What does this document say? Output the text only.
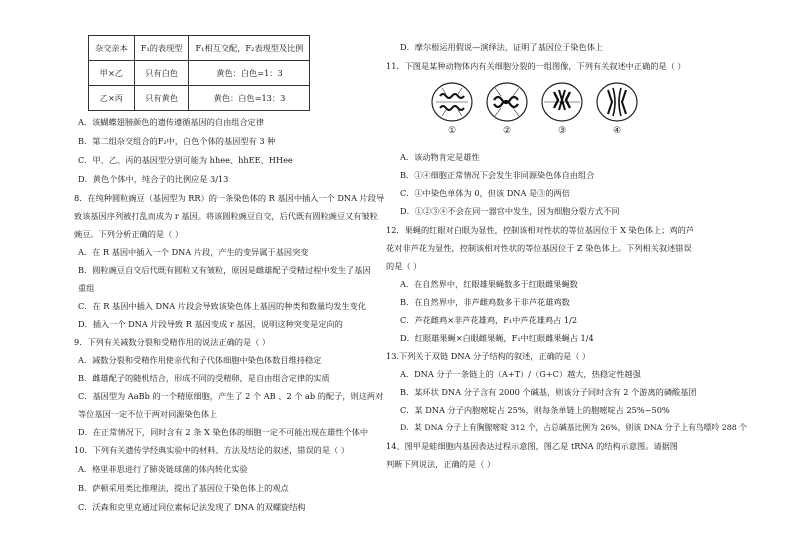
杂交亲本	F₁的表现型	F₁相互交配，F₂表现型及比例
甲×乙	只有白色	黄色：白色=1：3
乙×丙	只有黄色	黄色：白色=13：3
A．该蝴蝶翅膀颜色的遗传遵循基因的自由组合定律
B．第二组杂交组合的F₂中，白色个体的基因型有 3 种
C．甲、乙、丙的基因型分别可能为 hhee、hhEE、HHee
D．黄色个体中，纯合子的比例应是 3/13
8．在纯种圆粒豌豆（基因型为 RR）的一条染色体的 R 基因中插入一个 DNA 片段导
致该基因序列被打乱而成为 r 基因。将该圆粒豌豆自交，后代既有圆粒豌豆又有皱粒
豌豆。下列分析正确的是（ ）
A．在 R 基因中插入一个 DNA 片段，产生的变异属于基因突变
B．圆粒豌豆自交后代既有圆粒又有皱粒，原因是雌雄配子受精过程中发生了基因
重组
C．在 R 基因中插入 DNA 片段会导致该染色体上基因的种类和数量均发生变化
D．插入一个 DNA 片段导致 R 基因变成 r 基因，说明这种突变是定向的
9．下列有关减数分裂和受精作用的说法正确的是（ ）
A．减数分裂和受精作用使亲代和子代体细胞中染色体数目维持稳定
B．雌雄配子的随机结合，形成不同的受精卵，是自由组合定律的实质
C．基因型为 AaBb 的一个精原细胞，产生了 2 个 AB 、2 个 ab 的配子，则这两对
等位基因一定不位于两对同源染色体上
D．在正常情况下，同时含有 2 条 X 染色体的细胞一定不可能出现在雄性个体中
10．下列有关遗传学经典实验中的材料、方法及结论的叙述，错误的是（ ）
A．格里菲思进行了肺炎链球菌的体内转化实验
B．萨顿采用类比推理法，提出了基因位于染色体上的观点
C．沃森和克里克通过同位素标记法发现了 DNA 的双螺旋结构
D．摩尔根运用假说—演绎法，证明了基因位于染色体上
11．下图是某种动物体内有关细胞分裂的一组图像，下列有关叙述中正确的是（ ）
A．该动物肯定是雄性
B．①④细胞正常情况下会发生非同源染色体自由组合
C．①中染色单体为 0，但该 DNA 是③的两倍
D．①②③④不会在同一器官中发生，因为细胞分裂方式不同
12．果蝇的红眼对白眼为显性，控制该相对性状的等位基因位于 X 染色体上；鸡的芦
花对非芦花为显性，控制该相对性状的等位基因位于 Z 染色体上。下列相关叙述错误
的是（ ）
A．在自然界中，红眼雄果蝇数多于红眼雌果蝇数
B．在自然界中，非芦雌鸡数多于非芦花雄鸡数
C．芦花雌鸡×非芦花雄鸡，F₁中芦花雄鸡占 1/2
D．红眼雄果蝇×白眼雌果蝇，F₁中红眼雌果蝇占 1/4
13.下列关于双链 DNA 分子结构的叙述，正确的是（ ）
A．DNA 分子一条链上的（A+T）/（G+C）越大，热稳定性越强
B．某环状 DNA 分子含有 2000 个碱基，则该分子同时含有 2 个游离的磷酸基团
C．某 DNA 分子内胞嘧啶占 25%，则每条单链上的胞嘧啶占 25%~50%
D．某 DNA 分子上有胸腺嘧啶 312 个，占总碱基比例为 26%，则该 DNA 分子上有鸟嘌呤 288 个
14、图甲是蛙细胞内基因表达过程示意图，图乙是 tRNA 的结构示意图。请据图
判断下列说法，正确的是（ ）
①	②	③	④
